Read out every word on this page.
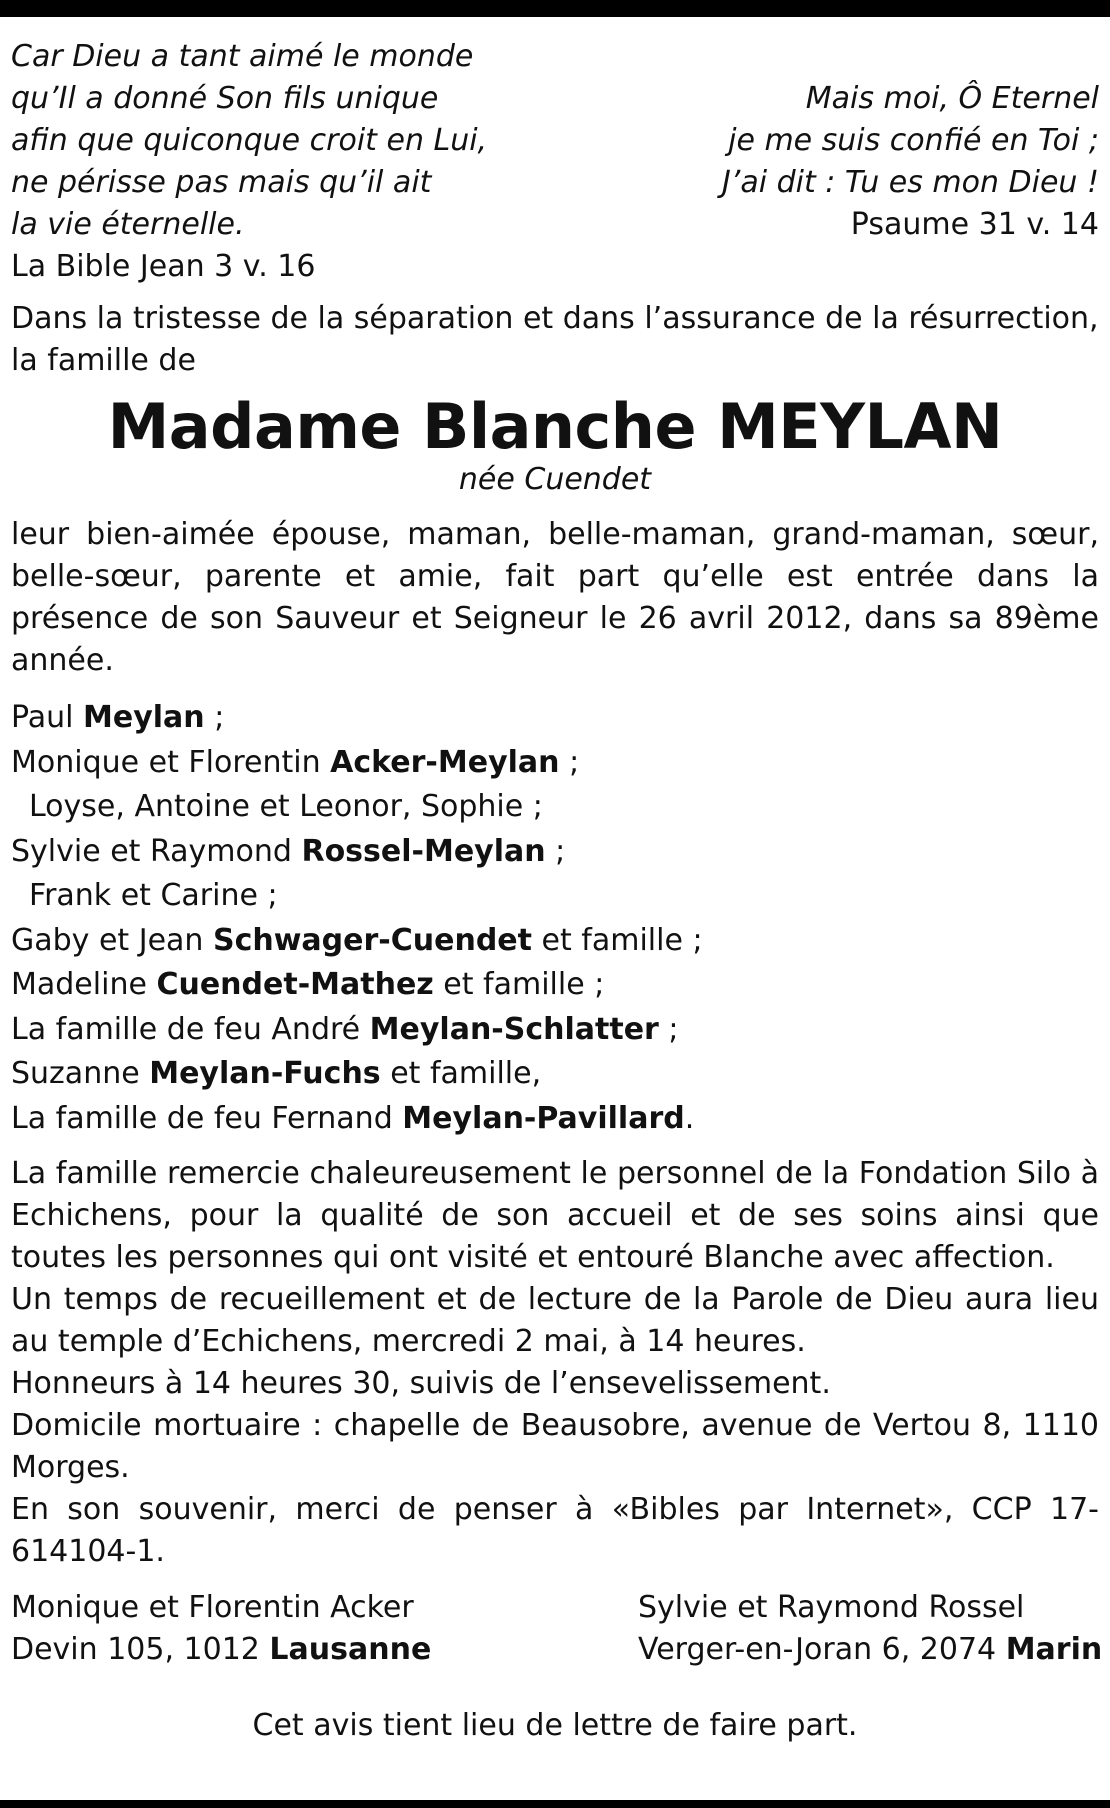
Car Dieu a tant aimé le monde
qu’Il a donné Son fils unique
afin que quiconque croit en Lui,
ne périsse pas mais qu’il ait
la vie éternelle.
La Bible Jean 3 v. 16
Mais moi, Ô Eternel
je me suis confié en Toi ;
J’ai dit : Tu es mon Dieu !
Psaume 31 v. 14
Dans la tristesse de la séparation et dans l’assurance de la résurrection,
la famille de
Madame Blanche MEYLAN
née Cuendet
leur bien-aimée épouse, maman, belle-maman, grand-maman, sœur, belle-sœur, parente et amie, fait part qu’elle est entrée dans la présence de son Sauveur et Seigneur le 26 avril 2012, dans sa 89ème année.
Paul Meylan ;
Monique et Florentin Acker-Meylan ;
Loyse, Antoine et Leonor, Sophie ;
Sylvie et Raymond Rossel-Meylan ;
Frank et Carine ;
Gaby et Jean Schwager-Cuendet et famille ;
Madeline Cuendet-Mathez et famille ;
La famille de feu André Meylan-Schlatter ;
Suzanne Meylan-Fuchs et famille,
La famille de feu Fernand Meylan-Pavillard.
La famille remercie chaleureusement le personnel de la Fondation Silo à Echichens, pour la qualité de son accueil et de ses soins ainsi que toutes les personnes qui ont visité et entouré Blanche avec affection.
Un temps de recueillement et de lecture de la Parole de Dieu aura lieu au temple d’Echichens, mercredi 2 mai, à 14 heures.
Honneurs à 14 heures 30, suivis de l’ensevelissement.
Domicile mortuaire : chapelle de Beausobre, avenue de Vertou 8, 1110 Morges.
En son souvenir, merci de penser à «Bibles par Internet», CCP 17-614104-1.
Monique et Florentin Acker
Devin 105, 1012 Lausanne
Sylvie et Raymond Rossel
Verger-en-Joran 6, 2074 Marin
Cet avis tient lieu de lettre de faire part.
